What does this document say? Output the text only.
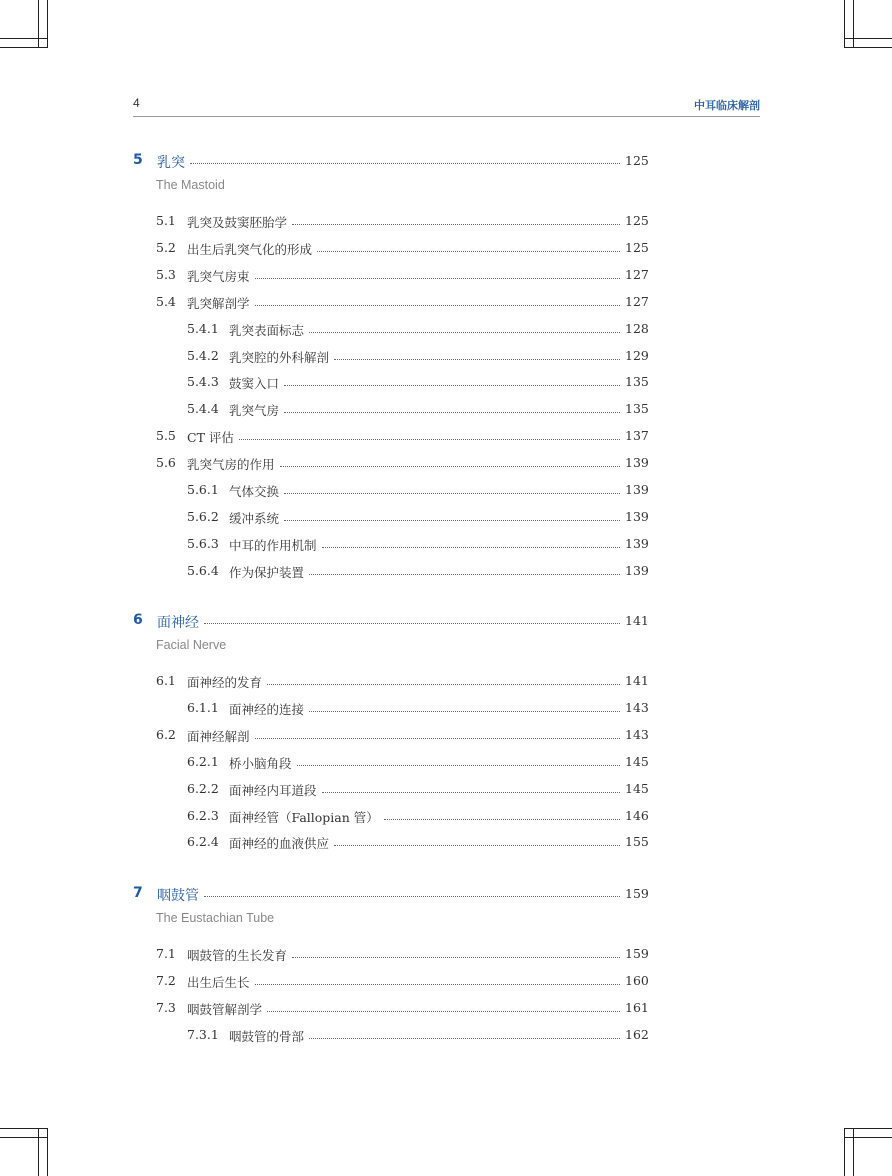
4	中耳临床解剖
5 乳突	125
The Mastoid
5.1 乳突及鼓窦胚胎学	125
5.2 出生后乳突气化的形成	125
5.3 乳突气房束	127
5.4 乳突解剖学	127
5.4.1 乳突表面标志	128
5.4.2 乳突腔的外科解剖	129
5.4.3 鼓窦入口	135
5.4.4 乳突气房	135
5.5 CT 评估	137
5.6 乳突气房的作用	139
5.6.1 气体交换	139
5.6.2 缓冲系统	139
5.6.3 中耳的作用机制	139
5.6.4 作为保护装置	139
6 面神经	141
Facial Nerve
6.1 面神经的发育	141
6.1.1 面神经的连接	143
6.2 面神经解剖	143
6.2.1 桥小脑角段	145
6.2.2 面神经内耳道段	145
6.2.3 面神经管（Fallopian 管）	146
6.2.4 面神经的血液供应	155
7 咽鼓管	159
The Eustachian Tube
7.1 咽鼓管的生长发育	159
7.2 出生后生长	160
7.3 咽鼓管解剖学	161
7.3.1 咽鼓管的骨部	162
